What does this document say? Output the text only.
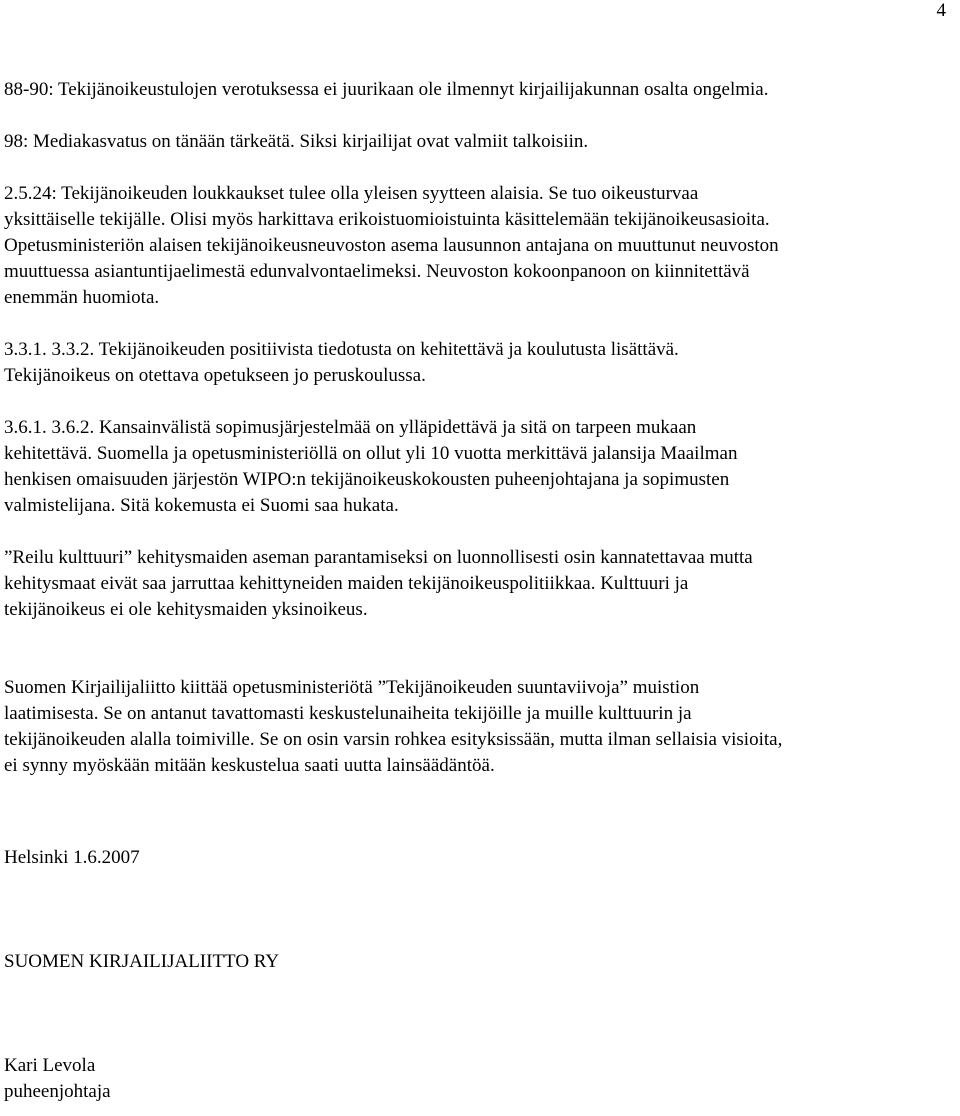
4
88-90: Tekijänoikeustulojen verotuksessa ei juurikaan ole ilmennyt kirjailijakunnan osalta ongelmia.
98: Mediakasvatus on tänään tärkeätä. Siksi kirjailijat ovat valmiit talkoisiin.
2.5.24: Tekijänoikeuden loukkaukset tulee olla yleisen syytteen alaisia. Se tuo oikeusturvaa
yksittäiselle tekijälle. Olisi myös harkittava erikoistuomioistuinta käsittelemään tekijänoikeusasioita.
Opetusministeriön alaisen tekijänoikeusneuvoston asema lausunnon antajana on muuttunut neuvoston
muuttuessa asiantuntijaelimestä edunvalvontaelimeksi. Neuvoston kokoonpanoon on kiinnitettävä
enemmän huomiota.
3.3.1. 3.3.2. Tekijänoikeuden positiivista tiedotusta on kehitettävä ja koulutusta lisättävä.
Tekijänoikeus on otettava opetukseen jo peruskoulussa.
3.6.1. 3.6.2. Kansainvälistä sopimusjärjestelmää on ylläpidettävä ja sitä on tarpeen mukaan
kehitettävä. Suomella ja opetusministeriöllä on ollut yli 10 vuotta merkittävä jalansija Maailman
henkisen omaisuuden järjestön WIPO:n tekijänoikeuskokousten puheenjohtajana ja sopimusten
valmistelijana. Sitä kokemusta ei Suomi saa hukata.
”Reilu kulttuuri” kehitysmaiden aseman parantamiseksi on luonnollisesti osin kannatettavaa mutta
kehitysmaat eivät saa jarruttaa kehittyneiden maiden tekijänoikeuspolitiikkaa. Kulttuuri ja
tekijänoikeus ei ole kehitysmaiden yksinoikeus.
Suomen Kirjailijaliitto kiittää opetusministeriötä ”Tekijänoikeuden suuntaviivoja” muistion
laatimisesta. Se on antanut tavattomasti keskustelunaiheita tekijöille ja muille kulttuurin ja
tekijänoikeuden alalla toimiville. Se on osin varsin rohkea esityksissään, mutta ilman sellaisia visioita,
ei synny myöskään mitään keskustelua saati uutta lainsäädäntöä.
Helsinki 1.6.2007
SUOMEN KIRJAILIJALIITTO RY
Kari Levola
puheenjohtaja
